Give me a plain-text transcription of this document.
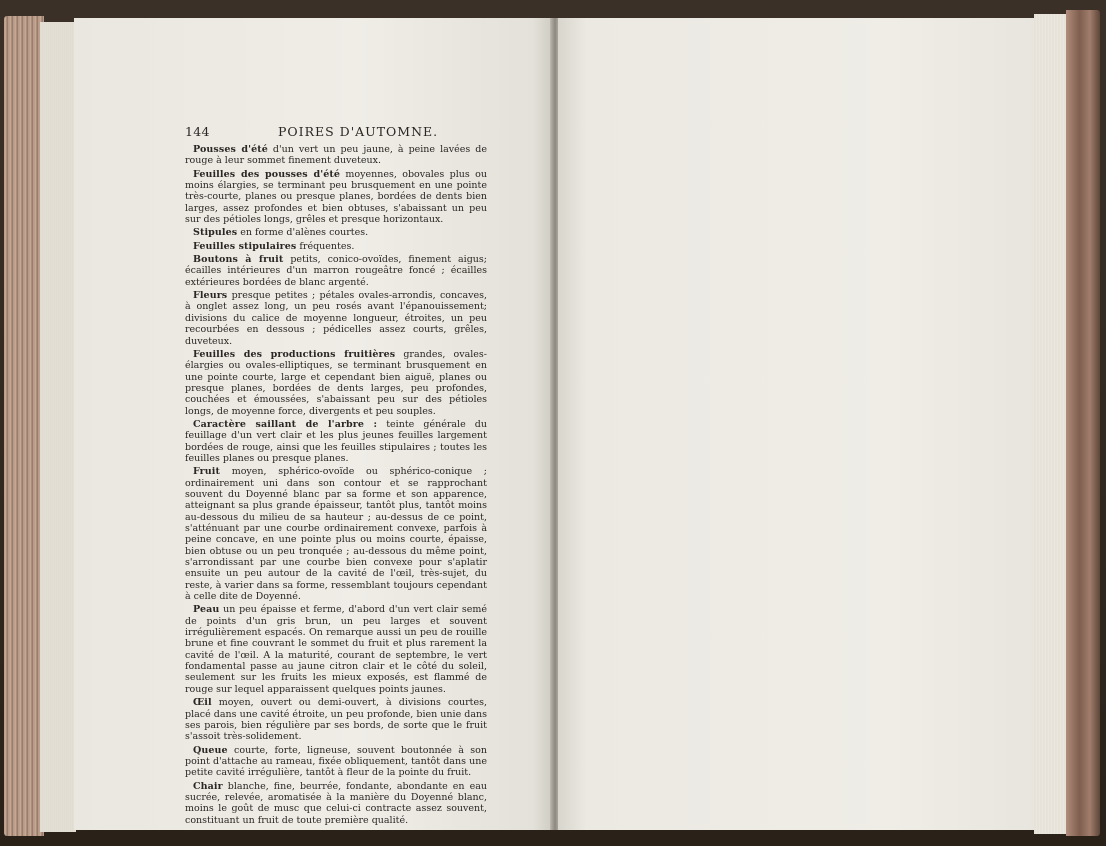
144	POIRES D'AUTOMNE.

Pousses d'été d'un vert un peu jaune, à peine lavées de rouge à leur sommet finement duveteux.

Feuilles des pousses d'été moyennes, obovales plus ou moins élargies, se terminant peu brusquement en une pointe très-courte, planes ou presque planes, bordées de dents bien larges, assez profondes et bien obtuses, s'abaissant un peu sur des pétioles longs, grêles et presque horizontaux.

Stipules en forme d'alènes courtes.

Feuilles stipulaires fréquentes.

Boutons à fruit petits, conico-ovoïdes, finement aigus; écailles intérieures d'un marron rougeâtre foncé ; écailles extérieures bordées de blanc argenté.

Fleurs presque petites ; pétales ovales-arrondis, concaves, à onglet assez long, un peu rosés avant l'épanouissement; divisions du calice de moyenne longueur, étroites, un peu recourbées en dessous ; pédicelles assez courts, grêles, duveteux.

Feuilles des productions fruitières grandes, ovales-élargies ou ovales-elliptiques, se terminant brusquement en une pointe courte, large et cependant bien aiguë, planes ou presque planes, bordées de dents larges, peu profondes, couchées et émoussées, s'abaissant peu sur des pétioles longs, de moyenne force, divergents et peu souples.

Caractère saillant de l'arbre : teinte générale du feuillage d'un vert clair et les plus jeunes feuilles largement bordées de rouge, ainsi que les feuilles stipulaires ; toutes les feuilles planes ou presque planes.

Fruit moyen, sphérico-ovoïde ou sphérico-conique ; ordinairement uni dans son contour et se rapprochant souvent du Doyenné blanc par sa forme et son apparence, atteignant sa plus grande épaisseur, tantôt plus, tantôt moins au-dessous du milieu de sa hauteur ; au-dessus de ce point, s'atténuant par une courbe ordinairement convexe, parfois à peine concave, en une pointe plus ou moins courte, épaisse, bien obtuse ou un peu tronquée ; au-dessous du même point, s'arrondissant par une courbe bien convexe pour s'aplatir ensuite un peu autour de la cavité de l'œil, très-sujet, du reste, à varier dans sa forme, ressemblant toujours cependant à celle dite de Doyenné.

Peau un peu épaisse et ferme, d'abord d'un vert clair semé de points d'un gris brun, un peu larges et souvent irrégulièrement espacés. On remarque aussi un peu de rouille brune et fine couvrant le sommet du fruit et plus rarement la cavité de l'œil. A la maturité, courant de septembre, le vert fondamental passe au jaune citron clair et le côté du soleil, seulement sur les fruits les mieux exposés, est flammé de rouge sur lequel apparaissent quelques points jaunes.

Œil moyen, ouvert ou demi-ouvert, à divisions courtes, placé dans une cavité étroite, un peu profonde, bien unie dans ses parois, bien régulière par ses bords, de sorte que le fruit s'assoit très-solidement.

Queue courte, forte, ligneuse, souvent boutonnée à son point d'attache au rameau, fixée obliquement, tantôt dans une petite cavité irrégulière, tantôt à fleur de la pointe du fruit.

Chair blanche, fine, beurrée, fondante, abondante en eau sucrée, relevée, aromatisée à la manière du Doyenné blanc, moins le goût de musc que celui-ci contracte assez souvent, constituant un fruit de toute première qualité.
